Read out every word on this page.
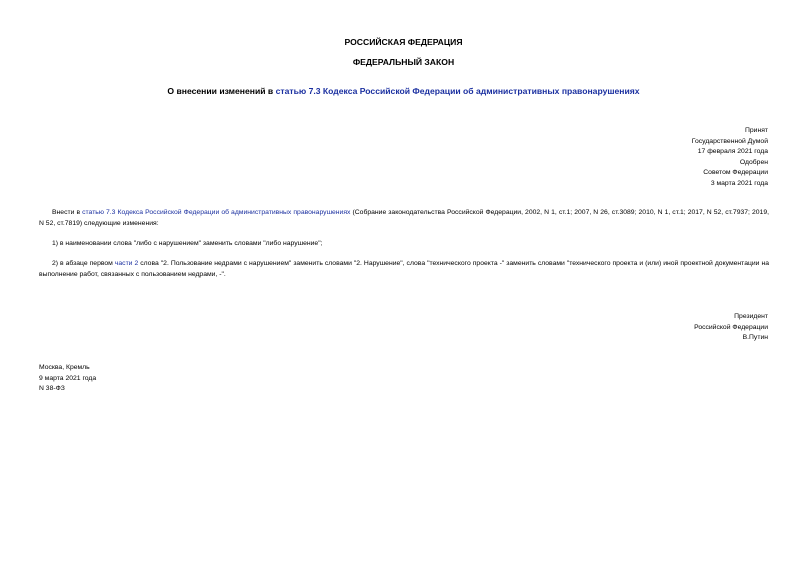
РОССИЙСКАЯ ФЕДЕРАЦИЯ
ФЕДЕРАЛЬНЫЙ ЗАКОН
О внесении изменений в статью 7.3 Кодекса Российской Федерации об административных правонарушениях
Принят
Государственной Думой
17 февраля 2021 года
Одобрен
Советом Федерации
3 марта 2021 года
Внести в статью 7.3 Кодекса Российской Федерации об административных правонарушениях (Собрание законодательства Российской Федерации, 2002, N 1, ст.1; 2007, N 26, ст.3089; 2010, N 1, ст.1; 2017, N 52, ст.7937; 2019, N 52, ст.7819) следующие изменения:
1) в наименовании слова "либо с нарушением" заменить словами "либо нарушение";
2) в абзаце первом части 2 слова "2. Пользование недрами с нарушением" заменить словами "2. Нарушение", слова "технического проекта -" заменить словами "технического проекта и (или) иной проектной документации на выполнение работ, связанных с пользованием недрами, -".
Президент
Российской Федерации
В.Путин
Москва, Кремль
9 марта 2021 года
N 38-ФЗ
